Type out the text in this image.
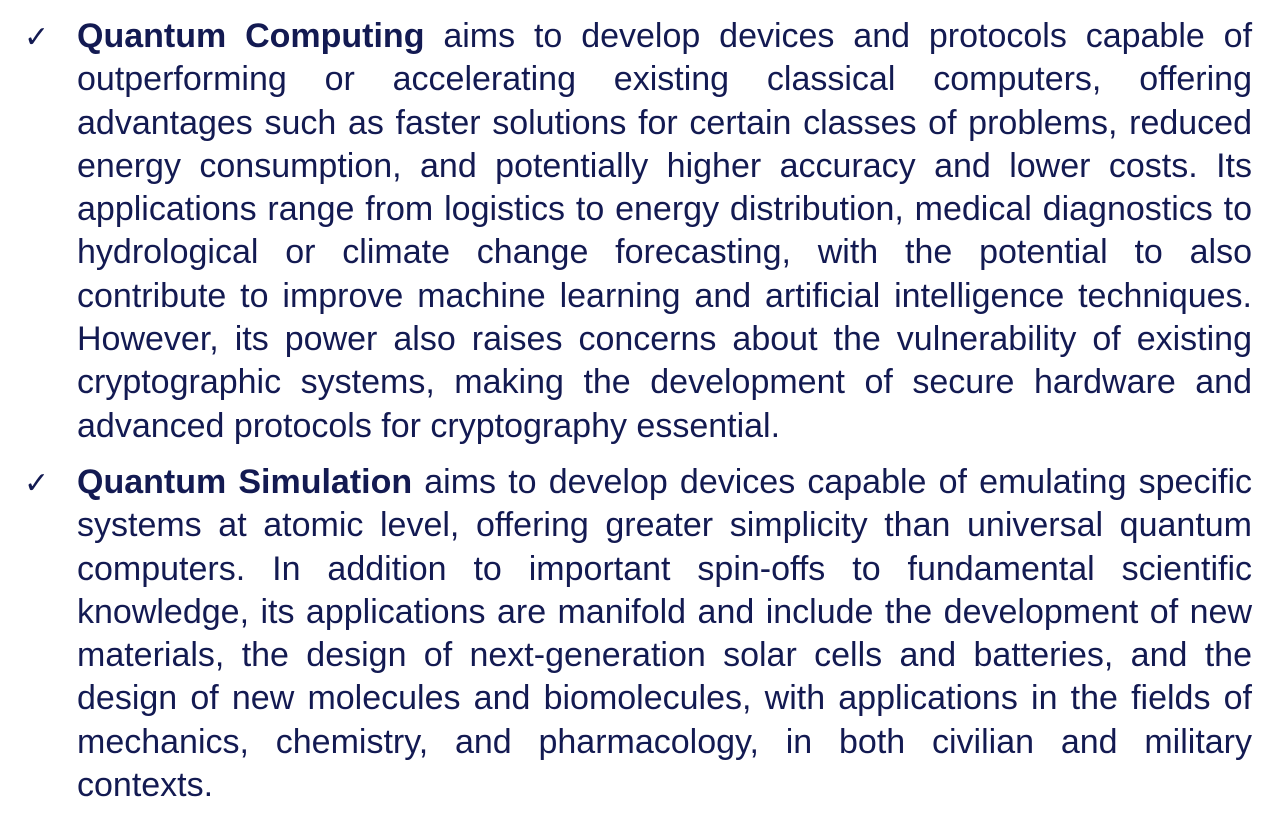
✓ Quantum Computing aims to develop devices and protocols capable of outperforming or accelerating existing classical computers, offering advantages such as faster solutions for certain classes of problems, reduced energy consumption, and potentially higher accuracy and lower costs. Its applications range from logistics to energy distribution, medical diagnostics to hydrological or climate change forecasting, with the potential to also contribute to improve machine learning and artificial intelligence techniques. However, its power also raises concerns about the vulnerability of existing cryptographic systems, making the development of secure hardware and advanced protocols for cryptography essential.

✓ Quantum Simulation aims to develop devices capable of emulating specific systems at atomic level, offering greater simplicity than universal quantum computers. In addition to important spin-offs to fundamental scientific knowledge, its applications are manifold and include the development of new materials, the design of next-generation solar cells and batteries, and the design of new molecules and biomolecules, with applications in the fields of mechanics, chemistry, and pharmacology, in both civilian and military contexts.
